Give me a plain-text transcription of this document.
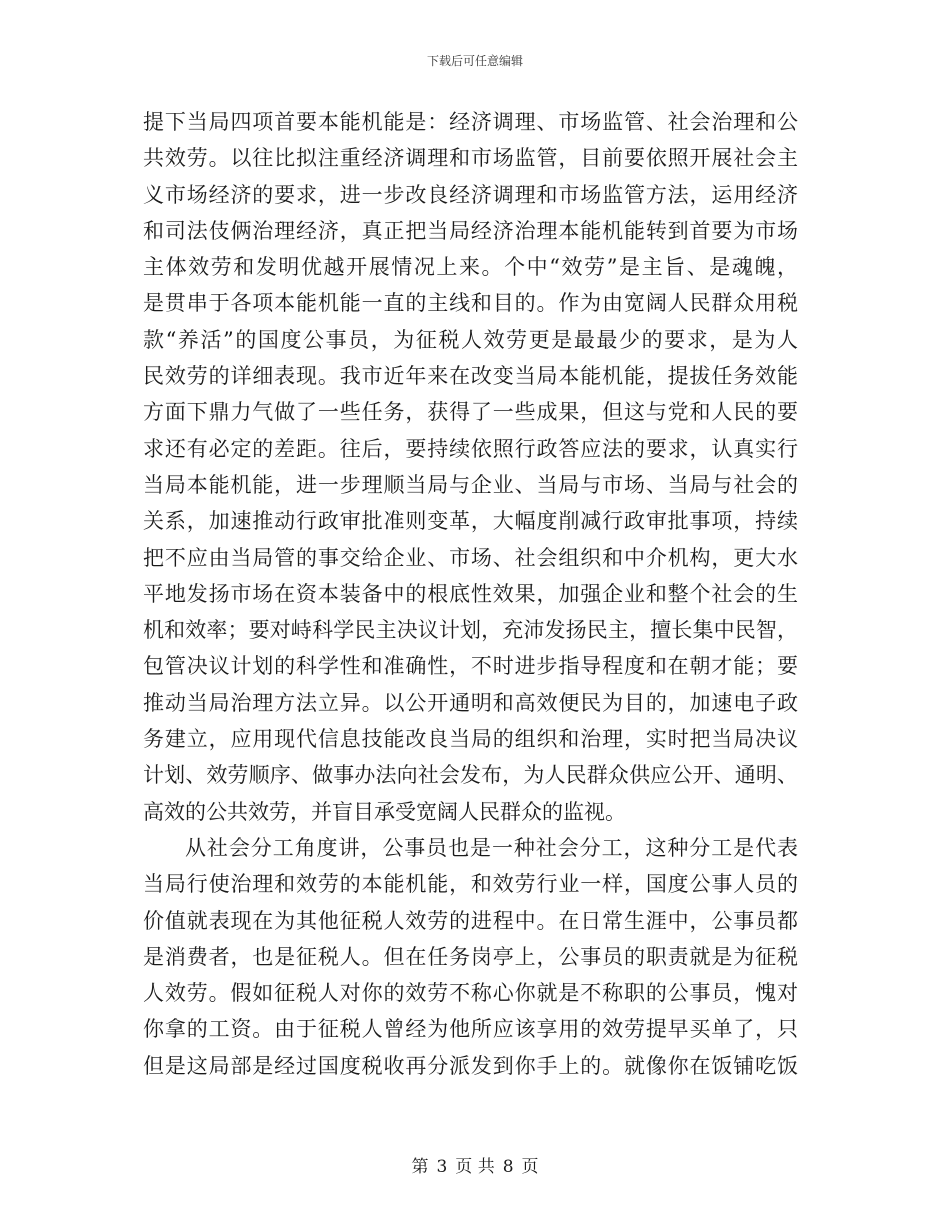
下载后可任意编辑
提下当局四项首要本能机能是：经济调理、市场监管、社会治理和公
共效劳。以往比拟注重经济调理和市场监管，目前要依照开展社会主
义市场经济的要求，进一步改良经济调理和市场监管方法，运用经济
和司法伎俩治理经济，真正把当局经济治理本能机能转到首要为市场
主体效劳和发明优越开展情况上来。个中“效劳”是主旨、是魂魄，
是贯串于各项本能机能一直的主线和目的。作为由宽阔人民群众用税
款“养活”的国度公事员，为征税人效劳更是最最少的要求，是为人
民效劳的详细表现。我市近年来在改变当局本能机能，提拔任务效能
方面下鼎力气做了一些任务，获得了一些成果，但这与党和人民的要
求还有必定的差距。往后，要持续依照行政答应法的要求，认真实行
当局本能机能，进一步理顺当局与企业、当局与市场、当局与社会的
关系，加速推动行政审批准则变革，大幅度削减行政审批事项，持续
把不应由当局管的事交给企业、市场、社会组织和中介机构，更大水
平地发扬市场在资本装备中的根底性效果，加强企业和整个社会的生
机和效率；要对峙科学民主决议计划，充沛发扬民主，擅长集中民智，
包管决议计划的科学性和准确性，不时进步指导程度和在朝才能；要
推动当局治理方法立异。以公开通明和高效便民为目的，加速电子政
务建立，应用现代信息技能改良当局的组织和治理，实时把当局决议
计划、效劳顺序、做事办法向社会发布，为人民群众供应公开、通明、
高效的公共效劳，并盲目承受宽阔人民群众的监视。
从社会分工角度讲，公事员也是一种社会分工，这种分工是代表
当局行使治理和效劳的本能机能，和效劳行业一样，国度公事人员的
价值就表现在为其他征税人效劳的进程中。在日常生涯中，公事员都
是消费者，也是征税人。但在任务岗亭上，公事员的职责就是为征税
人效劳。假如征税人对你的效劳不称心你就是不称职的公事员，愧对
你拿的工资。由于征税人曾经为他所应该享用的效劳提早买单了，只
但是这局部是经过国度税收再分派发到你手上的。就像你在饭铺吃饭
第 3 页 共 8 页
